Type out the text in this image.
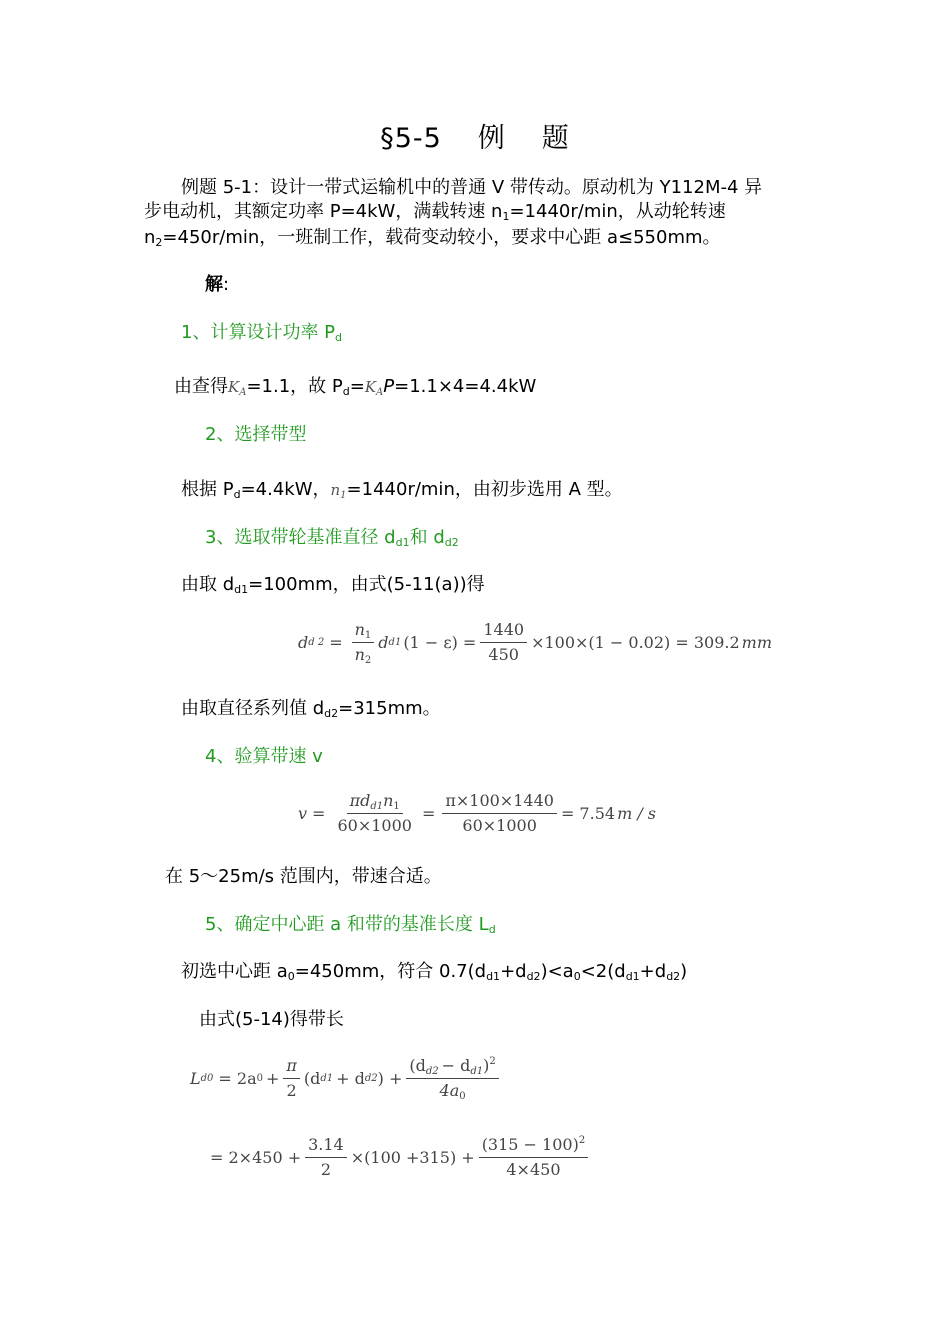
§5-5 例 题
例题 5-1：设计一带式运输机中的普通 V 带传动。原动机为 Y112M-4 异
步电动机，其额定功率 P=4kW，满载转速 $n_1=1440r/\min$，从动轮转速
$n_2=450r/\min$，一班制工作，载荷变动较小，要求中心距 a≤550mm。
解:
1、计算设计功率 $P_d$
由查得$K_A=1.1$，故 $P_d=K_AP=1.1\times 4=4.4kW$
2、选择带型
根据 $P_d=4.4kW$，$n_1=1440r/\min$，由初步选用 A 型。
3、选取带轮基准直径 $d_{d1}$和 $d_{d2}$
由取 $d_{d1}=100mm$，由式(5-11(a))得
d d $2 = \frac{n_1}{n_2}$ d d1 $(1 - \varepsilon) = \frac{1440}{450} \times 100\times(1 - 0.02) = 309.2$ mm
由取直径系列值 $d_{d2}=315mm$。
4、验算带速 v
$v = \frac{\pi d_{d1}n_1}{60\times 1000} = \frac{\pi\times 100\times 1440}{60\times 1000} = 7.54$ m / s
在 5～25m/s 范围内，带速合适。
5、确定中心距 a 和带的基准长度 $L_d$
初选中心距 $a_0=450mm$，符合 $0.7(d_{d1}+d_{d2})<a_0<2(d_{d1}+d_{d2})$
由式(5-14)得带长
L d0 = 2a $0 + \frac{\pi}{2} (d$ d1 + d d2 ) + $\frac{(d_{d2} - d_{d1})^2}{4a_0}$
= $2\times 450 + \frac{3.14}{2} \times(100 +315) + \frac{(315 - 100)^2}{4\times 450}$
